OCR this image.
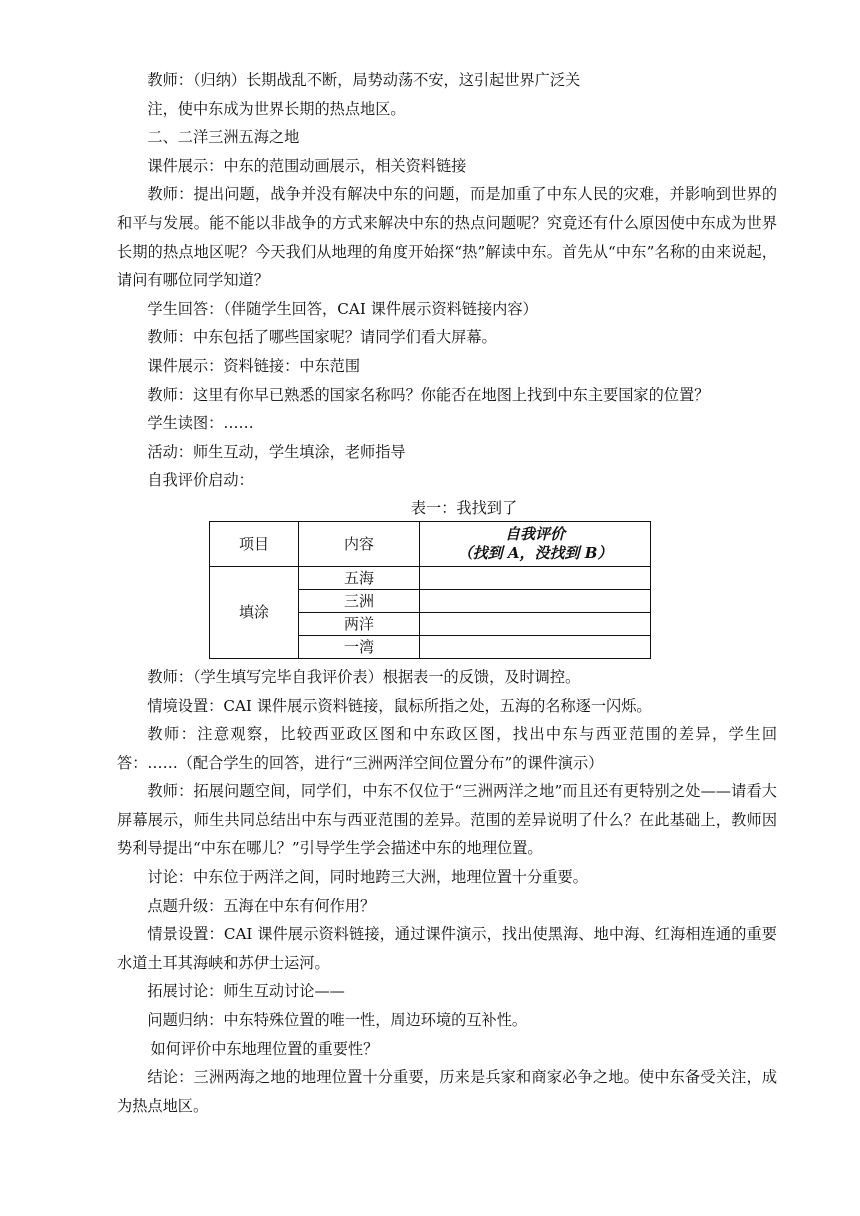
教师：（归纳）长期战乱不断，局势动荡不安，这引起世界广泛关

注，使中东成为世界长期的热点地区。

二、二洋三洲五海之地

课件展示：中东的范围动画展示，相关资料链接

教师：提出问题，战争并没有解决中东的问题，而是加重了中东人民的灾难，并影响到世界的和平与发展。能不能以非战争的方式来解决中东的热点问题呢？究竟还有什么原因使中东成为世界长期的热点地区呢？今天我们从地理的角度开始探“热”解读中东。首先从“中东”名称的由来说起，请问有哪位同学知道？

学生回答：（伴随学生回答，CAI 课件展示资料链接内容）

教师：中东包括了哪些国家呢？请同学们看大屏幕。

课件展示：资料链接：中东范围

教师：这里有你早已熟悉的国家名称吗？你能否在地图上找到中东主要国家的位置？

学生读图：……

活动：师生互动，学生填涂，老师指导

自我评价启动：

表一：我找到了

项目	内容	自我评价
（找到 A，没找到 B）

填涂	五海	
	三洲	
	两洋	
	一湾	

教师：（学生填写完毕自我评价表）根据表一的反馈，及时调控。

情境设置：CAI 课件展示资料链接，鼠标所指之处，五海的名称逐一闪烁。

教师：注意观察，比较西亚政区图和中东政区图，找出中东与西亚范围的差异，学生回答：……（配合学生的回答，进行“三洲两洋空间位置分布”的课件演示）

教师：拓展问题空间，同学们，中东不仅位于“三洲两洋之地”而且还有更特别之处——请看大屏幕展示，师生共同总结出中东与西亚范围的差异。范围的差异说明了什么？在此基础上，教师因势利导提出“中东在哪儿？”引导学生学会描述中东的地理位置。

讨论：中东位于两洋之间，同时地跨三大洲，地理位置十分重要。

点题升级：五海在中东有何作用？

情景设置：CAI 课件展示资料链接，通过课件演示，找出使黑海、地中海、红海相连通的重要水道土耳其海峡和苏伊士运河。

拓展讨论：师生互动讨论——

问题归纳：中东特殊位置的唯一性，周边环境的互补性。

如何评价中东地理位置的重要性？

结论：三洲两海之地的地理位置十分重要，历来是兵家和商家必争之地。使中东备受关注，成为热点地区。
